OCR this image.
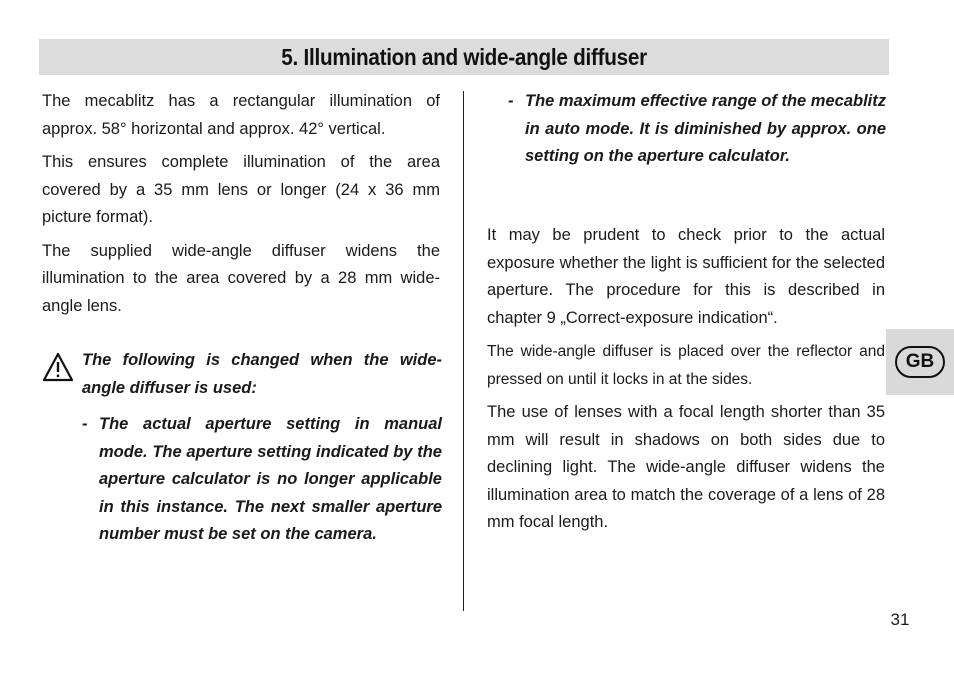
5. Illumination and wide-angle diffuser

The mecablitz has a rectangular illumination of approx. 58° horizontal and approx. 42° vertical.

This ensures complete illumination of the area covered by a 35 mm lens or longer (24 x 36 mm picture format).

The supplied wide-angle diffuser widens the illumination to the area covered by a 28 mm wide-angle lens.

The following is changed when the wide-angle diffuser is used:
- The actual aperture setting in manual mode. The aperture setting indicated by the aperture calculator is no longer applicable in this instance. The next smaller aperture number must be set on the camera.
- The maximum effective range of the mecablitz in auto mode. It is diminished by approx. one setting on the aperture calculator.

It may be prudent to check prior to the actual exposure whether the light is sufficient for the selected aperture. The procedure for this is described in chapter 9 „Correct-exposure indication“.

The wide-angle diffuser is placed over the reflector and pressed on until it locks in at the sides.

The use of lenses with a focal length shorter than 35 mm will result in shadows on both sides due to declining light. The wide-angle diffuser widens the illumination area to match the coverage of a lens of 28 mm focal length.

GB
31
